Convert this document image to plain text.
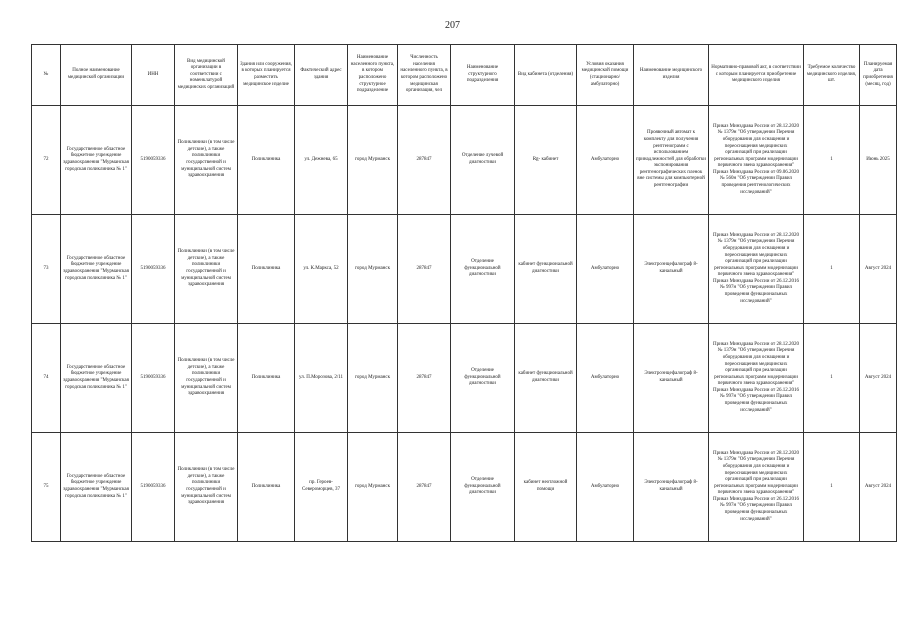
207
№	Полное наименование медицинской организации	ИНН	Вид медицинской организации в соответствии с номенклатурой медицинских организаций	Здания или сооружения, в которых планируется разместить медицинское изделие	Фактический адрес здания	Наименование населенного пункта, в котором расположено структурное подразделение	Численность населения населенного пункта, в котором расположено медицинская организация, чел	Наименование структурного подразделения	Вид кабинета (отделения)	Условия оказания медицинской помощи (стационарно/амбулаторно)	Наименование медицинского изделия	Нормативно-правовой акт, в соответствии с которым планируется приобретение медицинского изделия	Требуемое количество медицинского изделия, шт.	Планируемая дата приобретения (месяц, год)
72	Государственное областное бюджетное учреждение здравоохранения "Мурманская городская поликлиника № 1"	5190059336	Поликлиники (в том числе детские), а также поликлиники государственной и муниципальной систем здравоохранения	Поликлиника	ул. Дежнева, 65	город Мурманск	287847	Отделение лучевой диагностики	Rg- кабинет	Амбулаторно	Проявочный автомат к комплекту для получения рентгенограмм с использованием принадлежностей для обработки экспонирования рентгенографических пленок вне системы для компьютерной рентгенографии	Приказ Минздрава России от 28.12.2020 № 1379н "Об утверждении Перечня оборудования для оснащения и переоснащения медицинских организаций при реализации региональных программ модернизации первичного звена здравоохранения" Приказ Минздрава России от 09.06.2020 № 560н "Об утверждении Правил проведения рентгенологических исследований"	1	Июнь 2025
73	Государственное областное бюджетное учреждение здравоохранения "Мурманская городская поликлиника № 1"	5190059336	Поликлиники (в том числе детские), а также поликлиники государственной и муниципальной систем здравоохранения	Поликлиника	ул. К.Маркса, 52	город Мурманск	287847	Отделение функциональной диагностики	кабинет функциональной диагностики	Амбулаторно	Электроэнцефалограф 8-канальный	Приказ Минздрава России от 28.12.2020 № 1379н "Об утверждении Перечня оборудования для оснащения и переоснащения медицинских организаций при реализации региональных программ модернизации первичного звена здравоохранения" Приказ Минздрава России от 26.12.2016 № 997н "Об утверждении Правил проведения функциональных исследований"	1	Август 2024
74	Государственное областное бюджетное учреждение здравоохранения "Мурманская городская поликлиника № 1"	5190059336	Поликлиники (в том числе детские), а также поликлиники государственной и муниципальной систем здравоохранения	Поликлиника	ул. П.Морозова, 2/11	город Мурманск	287847	Отделение функциональной диагностики	кабинет функциональной диагностики	Амбулаторно	Электроэнцефалограф 8-канальный	Приказ Минздрава России от 28.12.2020 № 1379н "Об утверждении Перечня оборудования для оснащения и переоснащения медицинских организаций при реализации региональных программ модернизации первичного звена здравоохранения" Приказ Минздрава России от 26.12.2016 № 997н "Об утверждении Правил проведения функциональных исследований"	1	Август 2024
75	Государственное областное бюджетное учреждение здравоохранения "Мурманская городская поликлиника № 1"	5190059336	Поликлиники (в том числе детские), а также поликлиники государственной и муниципальной систем здравоохранения	Поликлиника	пр. Героев-Североморцев, 37	город Мурманск	287847	Отделение функциональной диагностики	кабинет неотложной помощи	Амбулаторно	Электроэнцефалограф 8-канальный	Приказ Минздрава России от 28.12.2020 № 1379н "Об утверждении Перечня оборудования для оснащения и переоснащения медицинских организаций при реализации региональных программ модернизации первичного звена здравоохранения" Приказ Минздрава России от 26.12.2016 № 997н "Об утверждении Правил проведения функциональных исследований"	1	Август 2024
